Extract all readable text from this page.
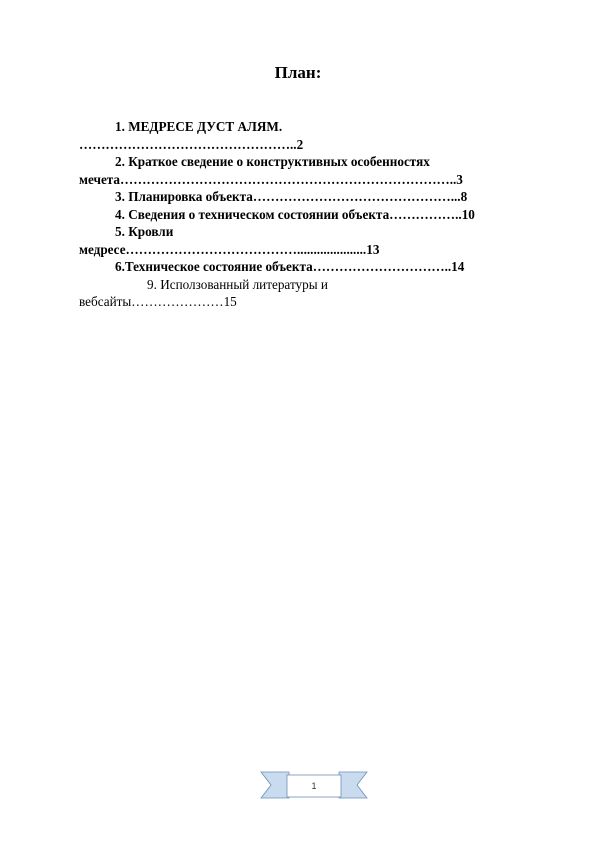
План:
1. МЕДРЕСЕ ДУСТ АЛЯМ.
…………………………………………..2
2. Краткое сведение о конструктивных особенностях
мечета…………………………………………………………………..3
3. Планировка объекта………………………………………...8
4. Сведения о техническом состоянии объекта……………..10
5. Кровли
медресе………………………………….....................13
6.Техническое состояние объекта…………………………..14
9. Исползованный литературы и
вебсайты…………………15
1
